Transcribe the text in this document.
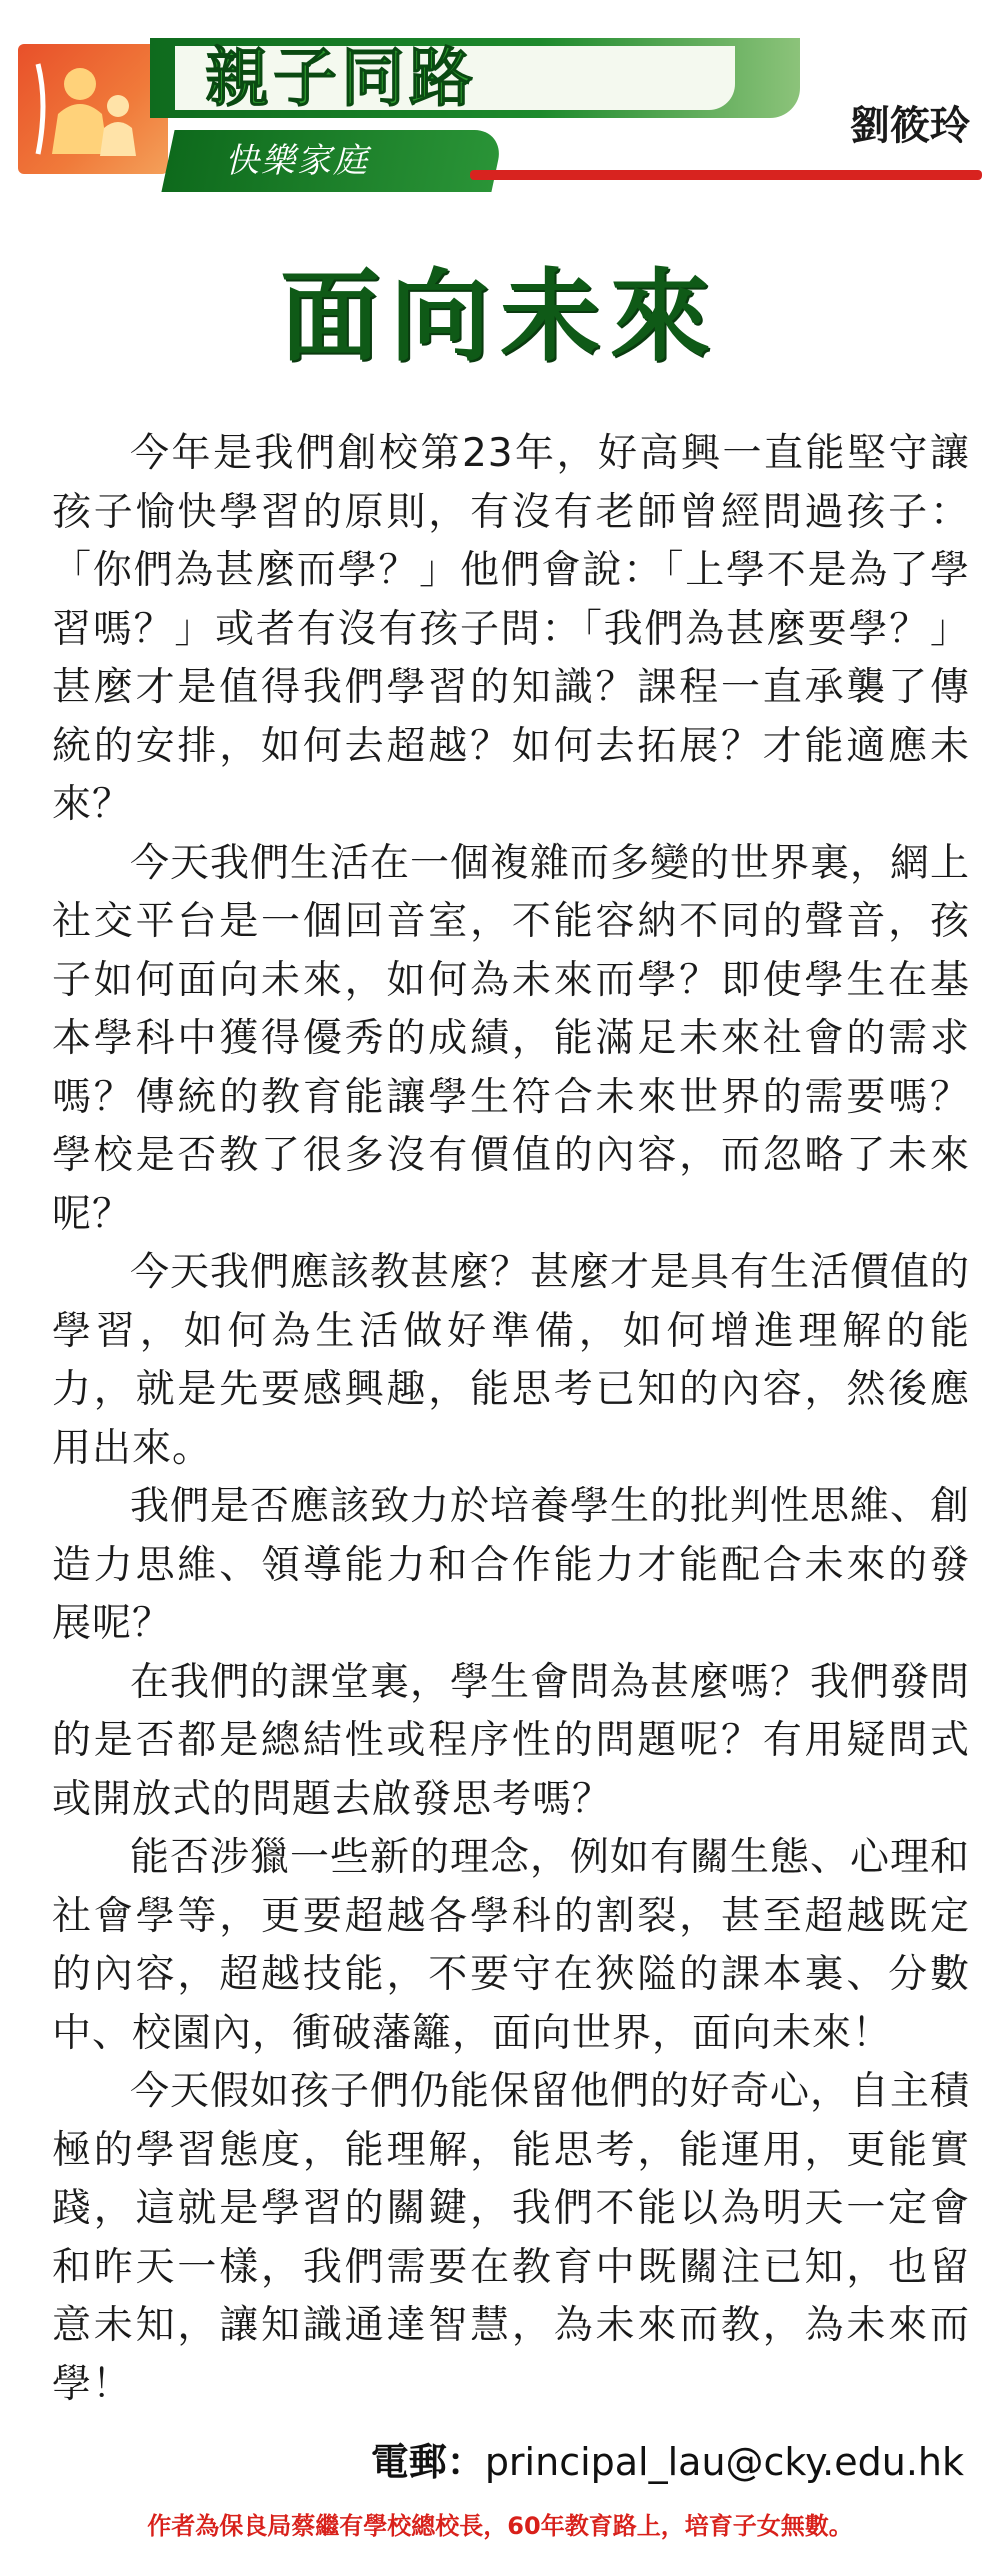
親子同路
快樂家庭
劉筱玲
面向未來

今年是我們創校第23年，好高興一直能堅守讓孩子愉快學習的原則，有沒有老師曾經問過孩子：「你們為甚麼而學？」他們會說：「上學不是為了學習嗎？」或者有沒有孩子問：「我們為甚麼要學？」甚麼才是值得我們學習的知識？課程一直承襲了傳統的安排，如何去超越？如何去拓展？才能適應未來？

今天我們生活在一個複雜而多變的世界裏，網上社交平台是一個回音室，不能容納不同的聲音，孩子如何面向未來，如何為未來而學？即使學生在基本學科中獲得優秀的成績，能滿足未來社會的需求嗎？傳統的教育能讓學生符合未來世界的需要嗎？學校是否教了很多沒有價值的內容，而忽略了未來呢？

今天我們應該教甚麼？甚麼才是具有生活價值的學習，如何為生活做好準備，如何增進理解的能力，就是先要感興趣，能思考已知的內容，然後應用出來。

我們是否應該致力於培養學生的批判性思維、創造力思維、領導能力和合作能力才能配合未來的發展呢？

在我們的課堂裏，學生會問為甚麼嗎？我們發問的是否都是總結性或程序性的問題呢？有用疑問式或開放式的問題去啟發思考嗎？

能否涉獵一些新的理念，例如有關生態、心理和社會學等，更要超越各學科的割裂，甚至超越既定的內容，超越技能，不要守在狹隘的課本裏、分數中、校園內，衝破藩籬，面向世界，面向未來！

今天假如孩子們仍能保留他們的好奇心，自主積極的學習態度，能理解，能思考，能運用，更能實踐，這就是學習的關鍵，我們不能以為明天一定會和昨天一樣，我們需要在教育中既關注已知，也留意未知，讓知識通達智慧，為未來而教，為未來而學！

電郵：principal_lau@cky.edu.hk
作者為保良局蔡繼有學校總校長，60年教育路上，培育子女無數。
